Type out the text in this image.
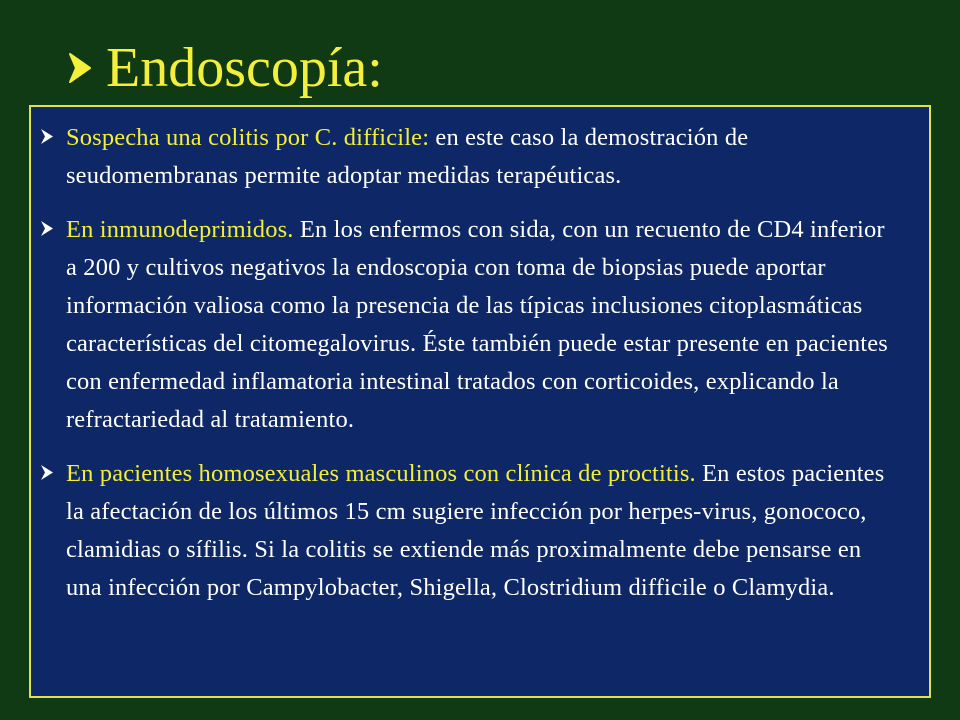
Endoscopía:

Sospecha una colitis por C. difficile: en este caso la demostración de seudomembranas permite adoptar medidas terapéuticas.

En inmunodeprimidos. En los enfermos con sida, con un recuento de CD4 inferior a 200 y cultivos negativos la endoscopia con toma de biopsias puede aportar información valiosa como la presencia de las típicas inclusiones citoplasmáticas características del citomegalovirus. Éste también puede estar presente en pacientes con enfermedad inflamatoria intestinal tratados con corticoides, explicando la refractariedad al tratamiento.

En pacientes homosexuales masculinos con clínica de proctitis. En estos pacientes la afectación de los últimos 15 cm sugiere infección por herpes-virus, gonococo, clamidias o sífilis. Si la colitis se extiende más proximalmente debe pensarse en una infección por Campylobacter, Shigella, Clostridium difficile o Clamydia.
